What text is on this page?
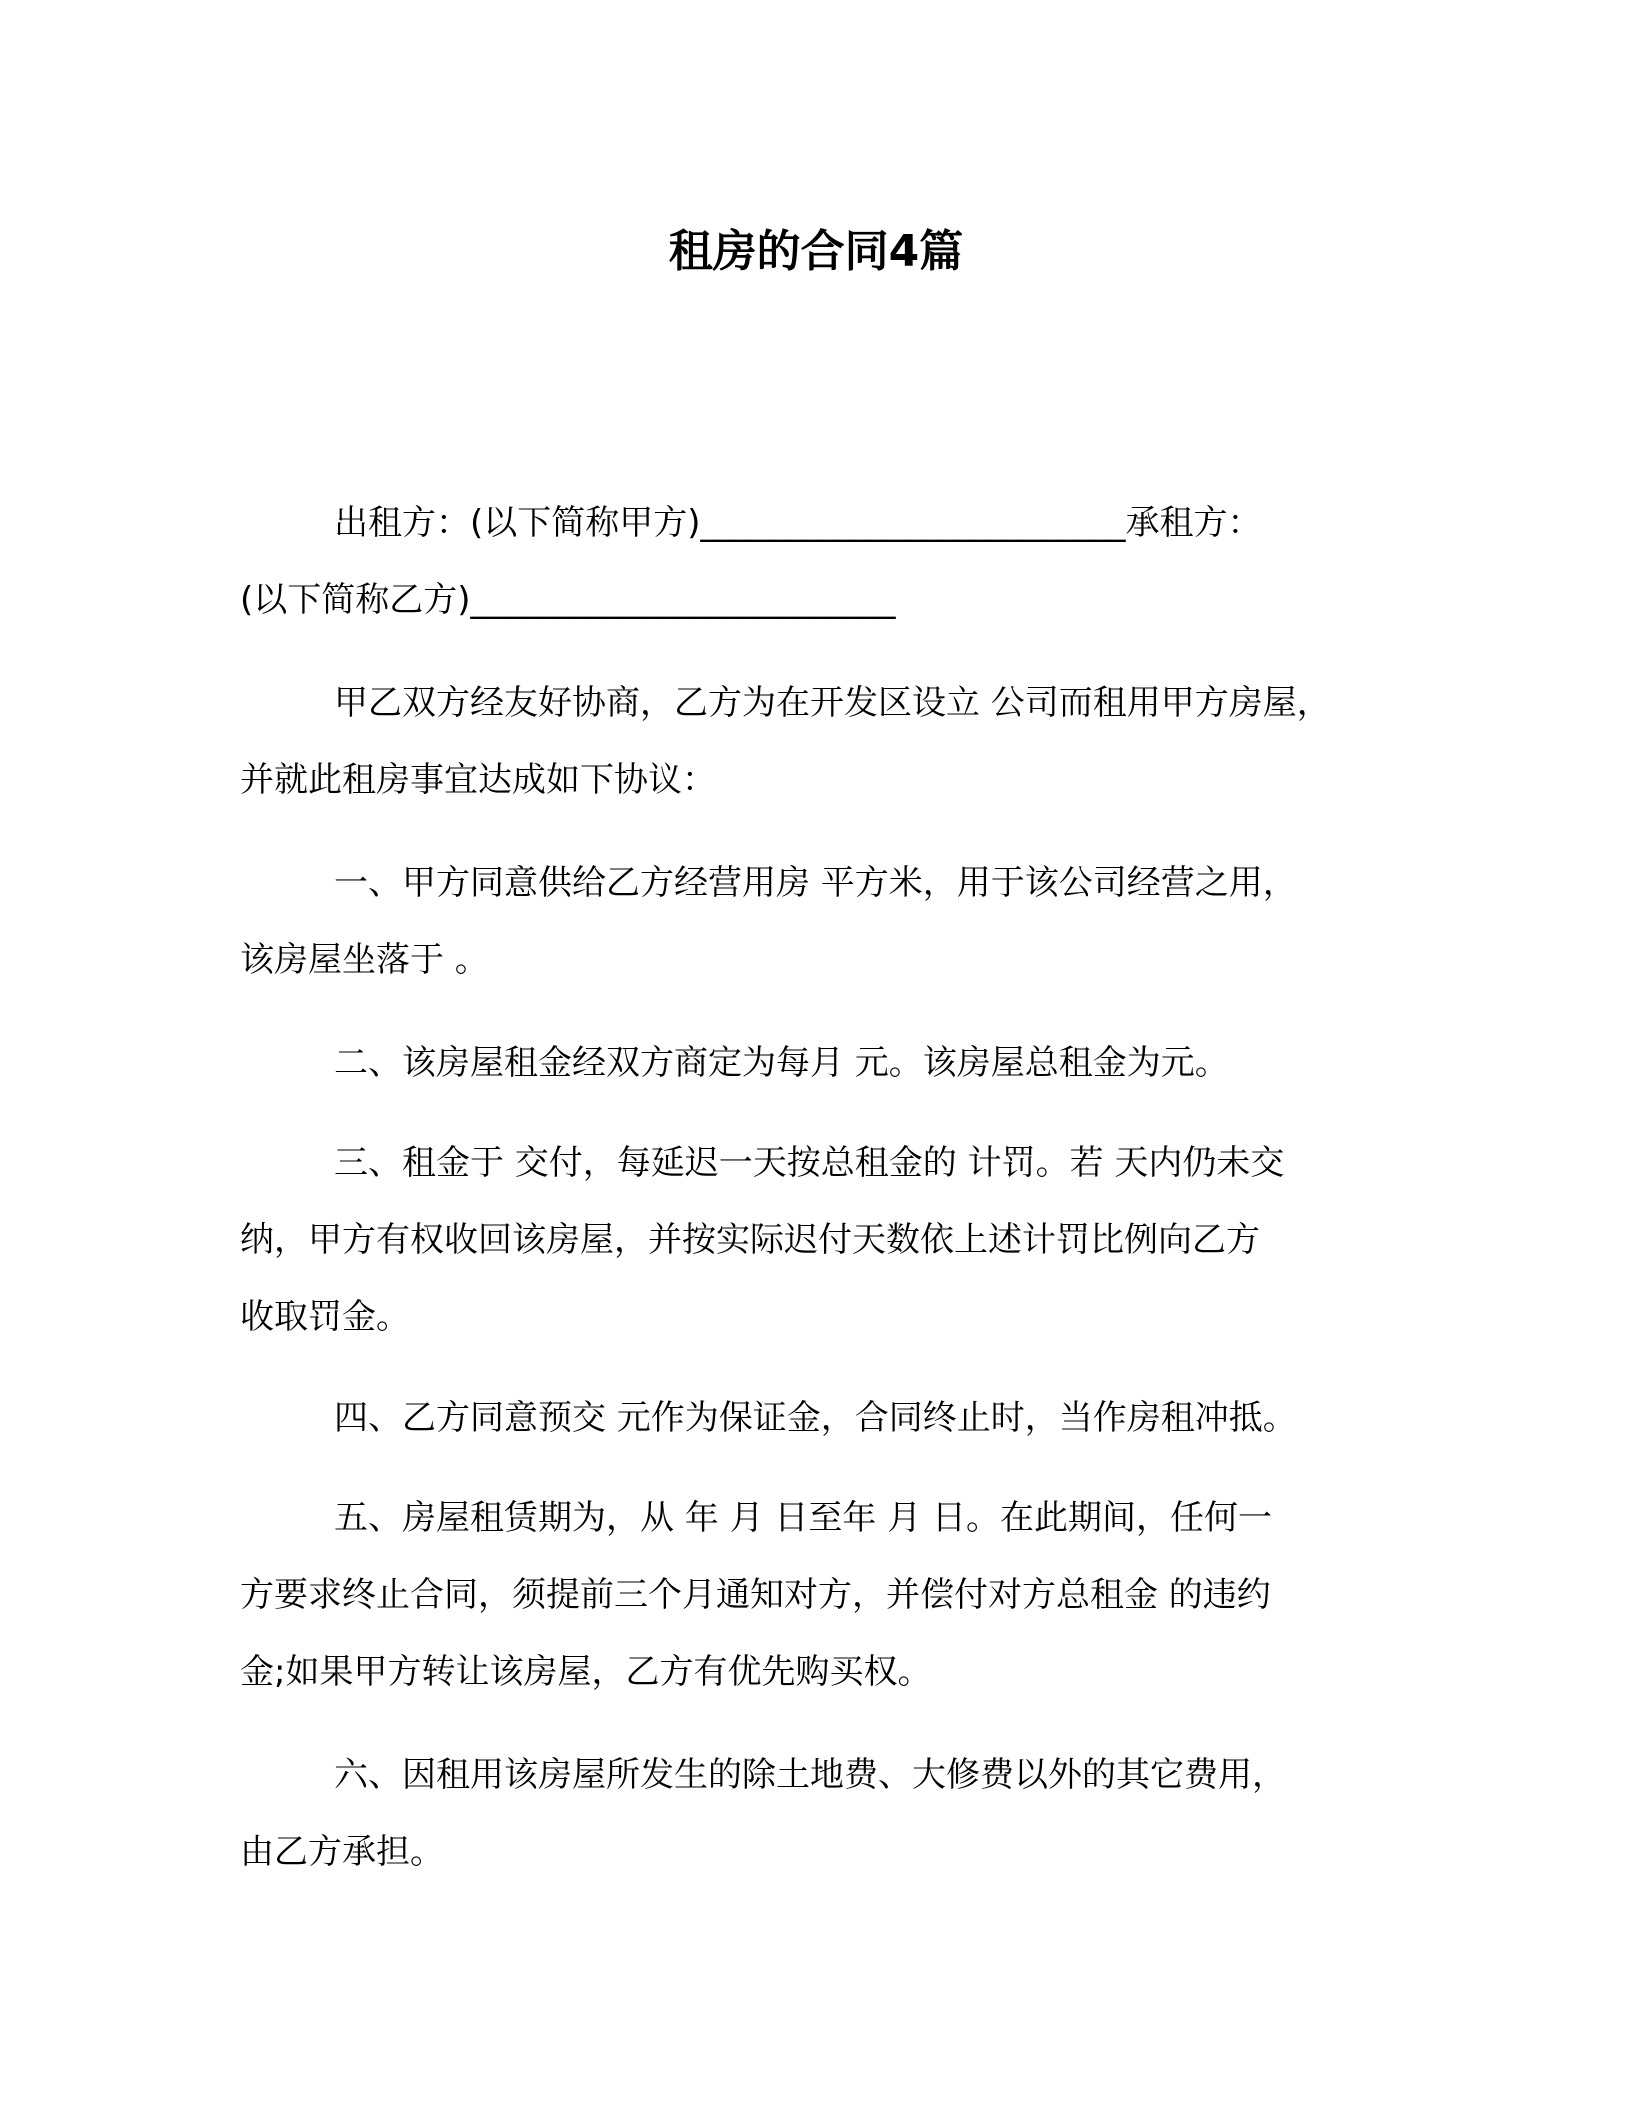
租房的合同4篇

出租方：(以下简称甲方)_________________________承租方：
(以下简称乙方)_________________________

甲乙双方经友好协商，乙方为在开发区设立 公司而租用甲方房屋，
并就此租房事宜达成如下协议：

一、甲方同意供给乙方经营用房 平方米，用于该公司经营之用，
该房屋坐落于 。

二、该房屋租金经双方商定为每月 元。该房屋总租金为元。

三、租金于 交付，每延迟一天按总租金的 计罚。若 天内仍未交
纳，甲方有权收回该房屋，并按实际迟付天数依上述计罚比例向乙方
收取罚金。

四、乙方同意预交 元作为保证金，合同终止时，当作房租冲抵。

五、房屋租赁期为，从 年 月 日至年 月 日。在此期间，任何一
方要求终止合同，须提前三个月通知对方，并偿付对方总租金 的违约
金;如果甲方转让该房屋，乙方有优先购买权。

六、因租用该房屋所发生的除土地费、大修费以外的其它费用，
由乙方承担。
